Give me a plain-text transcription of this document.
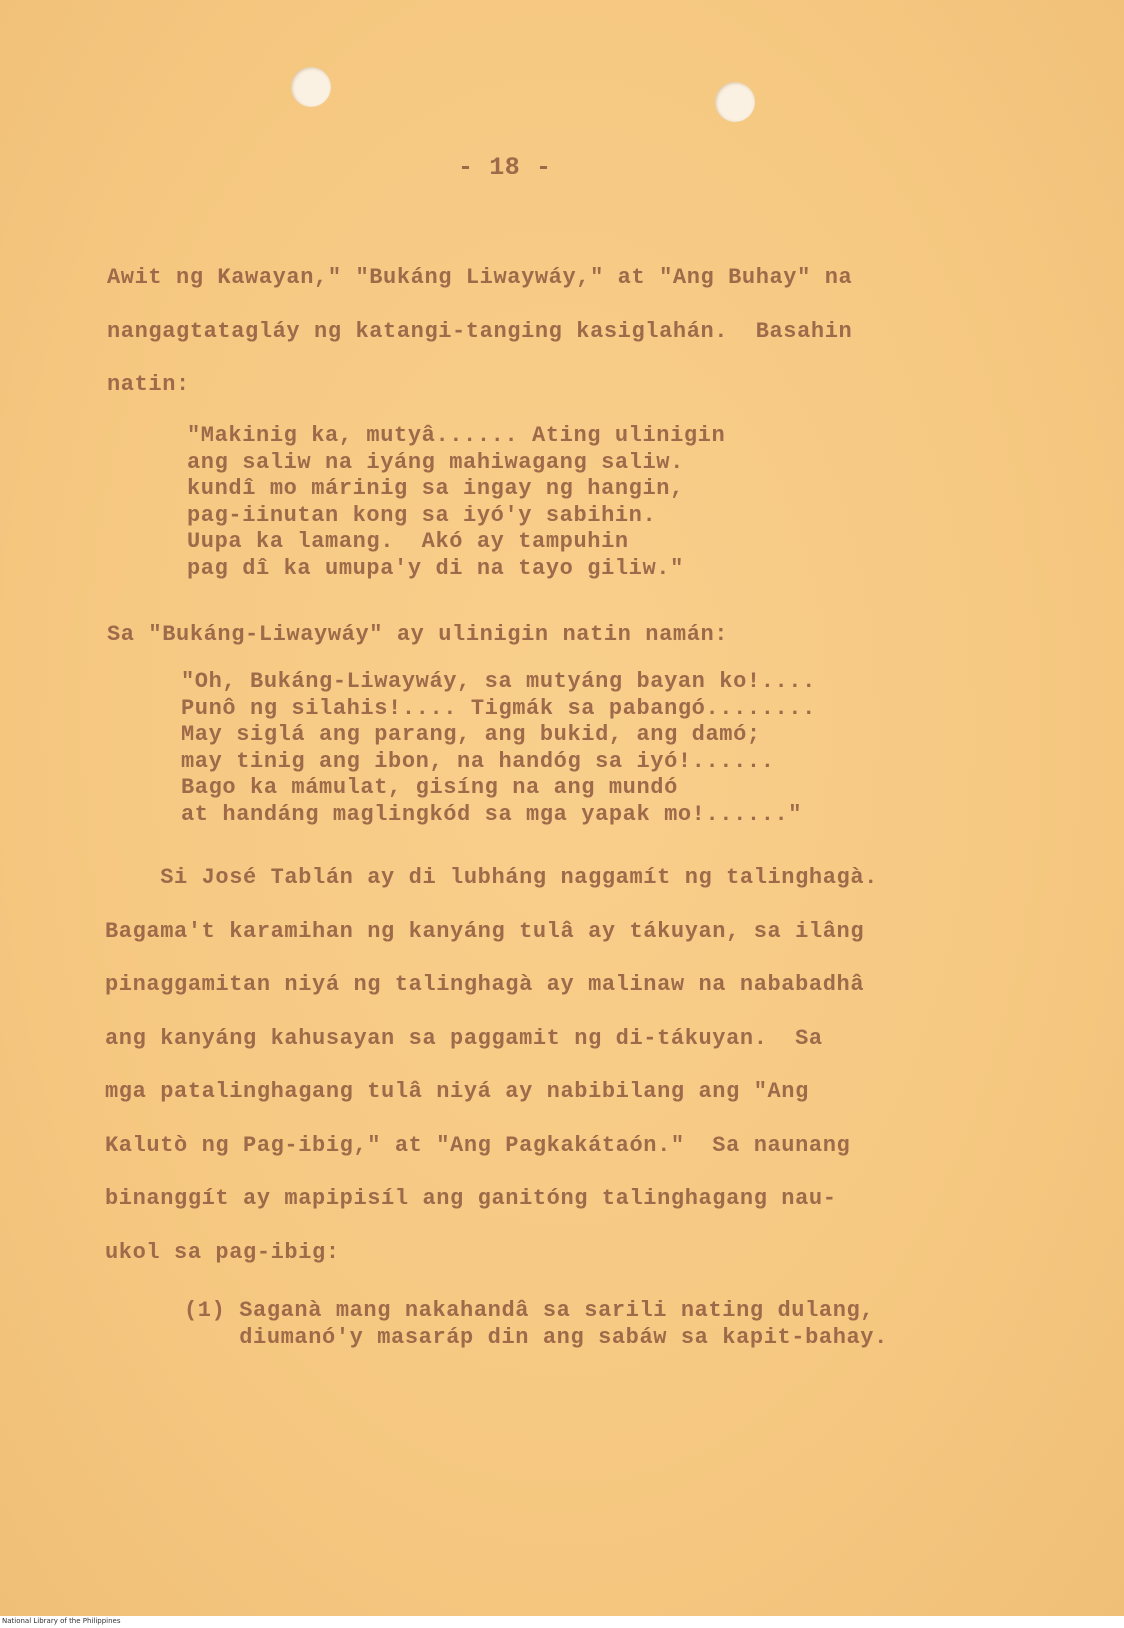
- 18 -

Awit ng Kawayan," "Bukáng Liwaywáy," at "Ang Buhay" na
nangagtatagláy ng katangi-tanging kasiglahán.  Basahin
natin:

"Makinig ka, mutyâ...... Ating ulinigin
ang saliw na iyáng mahiwagang saliw.
kundî mo márinig sa ingay ng hangin,
pag-iinutan kong sa iyó'y sabihin.
Uupa ka lamang.  Akó ay tampuhin
pag dî ka umupa'y di na tayo giliw."

Sa "Bukáng-Liwaywáy" ay ulinigin natin namán:

"Oh, Bukáng-Liwaywáy, sa mutyáng bayan ko!....
Punô ng silahis!.... Tigmák sa pabangó........
May siglá ang parang, ang bukid, ang damó;
may tinig ang ibon, na handóg sa iyó!......
Bago ka mámulat, gisíng na ang mundó
at handáng maglingkód sa mga yapak mo!......"

Si José Tablán ay di lubháng naggamít ng talinghagà.
Bagama't karamihan ng kanyáng tulâ ay tákuyan, sa ilâng
pinaggamitan niyá ng talinghagà ay malinaw na nababadhâ
ang kanyáng kahusayan sa paggamit ng di-tákuyan.  Sa
mga patalinghagang tulâ niyá ay nabibilang ang "Ang
Kalutò ng Pag-ibig," at "Ang Pagkakátaón."  Sa naunang
binanggít ay mapipisíl ang ganitóng talinghagang nau-
ukol sa pag-ibig:

(1) Saganà mang nakahandâ sa sarili nating dulang,
diumanó'y masaráp din ang sabáw sa kapit-bahay.

National Library of the Philippines
